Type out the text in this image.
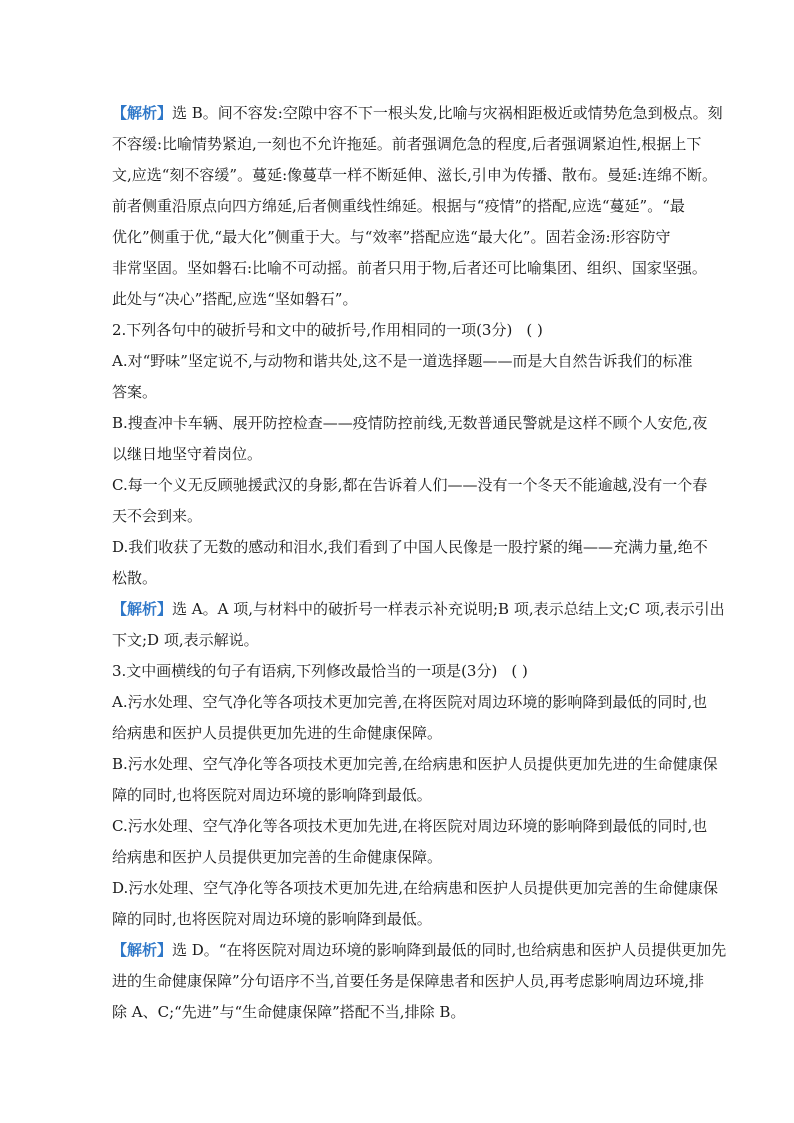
【解析】选 B。间不容发:空隙中容不下一根头发,比喻与灾祸相距极近或情势危急到极点。刻
不容缓:比喻情势紧迫,一刻也不允许拖延。前者强调危急的程度,后者强调紧迫性,根据上下
文,应选“刻不容缓”。蔓延:像蔓草一样不断延伸、滋长,引申为传播、散布。曼延:连绵不断。
前者侧重沿原点向四方绵延,后者侧重线性绵延。根据与“疫情”的搭配,应选“蔓延”。“最
优化”侧重于优,“最大化”侧重于大。与“效率”搭配应选“最大化”。固若金汤:形容防守
非常坚固。坚如磐石:比喻不可动摇。前者只用于物,后者还可比喻集团、组织、国家坚强。
此处与“决心”搭配,应选“坚如磐石”。
2.下列各句中的破折号和文中的破折号,作用相同的一项(3分) ( )
A.对“野味”坚定说不,与动物和谐共处,这不是一道选择题——而是大自然告诉我们的标准
答案。
B.搜查冲卡车辆、展开防控检查——疫情防控前线,无数普通民警就是这样不顾个人安危,夜
以继日地坚守着岗位。
C.每一个义无反顾驰援武汉的身影,都在告诉着人们——没有一个冬天不能逾越,没有一个春
天不会到来。
D.我们收获了无数的感动和泪水,我们看到了中国人民像是一股拧紧的绳——充满力量,绝不
松散。
【解析】选 A。A 项,与材料中的破折号一样表示补充说明;B 项,表示总结上文;C 项,表示引出
下文;D 项,表示解说。
3.文中画横线的句子有语病,下列修改最恰当的一项是(3分) ( )
A.污水处理、空气净化等各项技术更加完善,在将医院对周边环境的影响降到最低的同时,也
给病患和医护人员提供更加先进的生命健康保障。
B.污水处理、空气净化等各项技术更加完善,在给病患和医护人员提供更加先进的生命健康保
障的同时,也将医院对周边环境的影响降到最低。
C.污水处理、空气净化等各项技术更加先进,在将医院对周边环境的影响降到最低的同时,也
给病患和医护人员提供更加完善的生命健康保障。
D.污水处理、空气净化等各项技术更加先进,在给病患和医护人员提供更加完善的生命健康保
障的同时,也将医院对周边环境的影响降到最低。
【解析】选 D。“在将医院对周边环境的影响降到最低的同时,也给病患和医护人员提供更加先
进的生命健康保障”分句语序不当,首要任务是保障患者和医护人员,再考虑影响周边环境,排
除 A、C;“先进”与“生命健康保障”搭配不当,排除 B。
